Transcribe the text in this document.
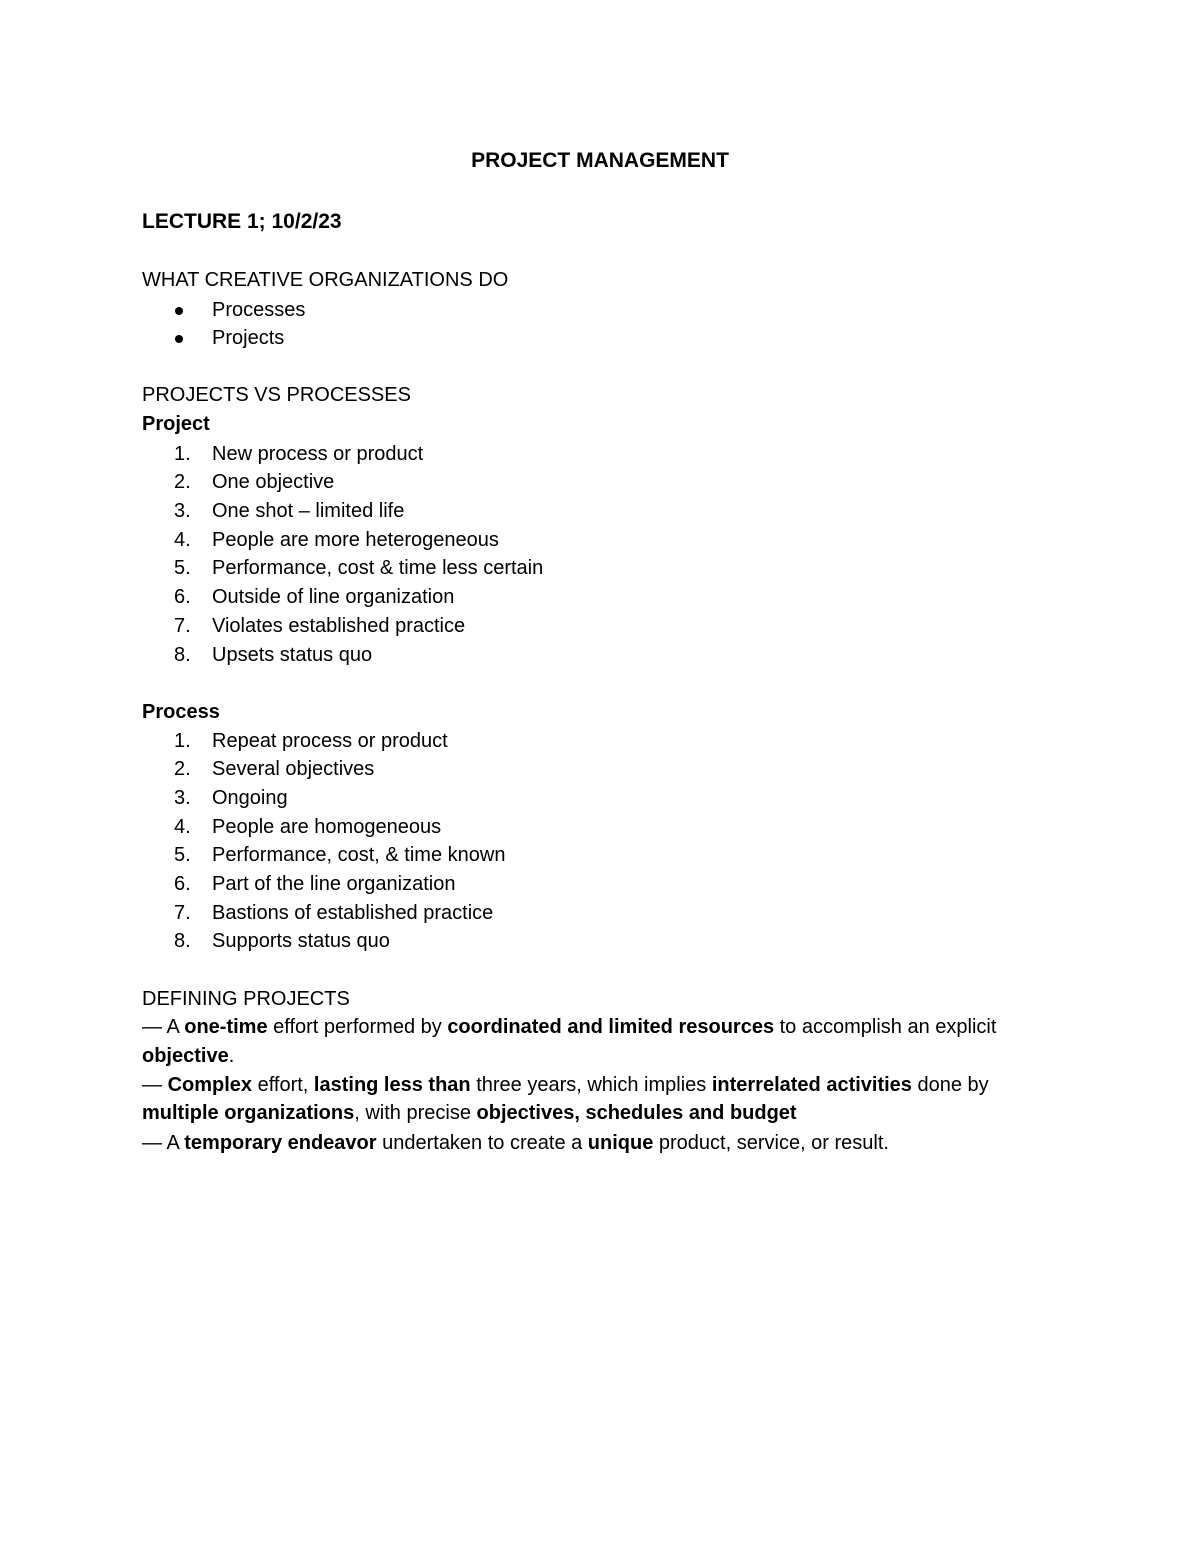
PROJECT MANAGEMENT
LECTURE 1; 10/2/23
WHAT CREATIVE ORGANIZATIONS DO
Processes
Projects
PROJECTS VS PROCESSES
Project
1.	New process or product
2.	One objective
3.	One shot – limited life
4.	People are more heterogeneous
5.	Performance, cost & time less certain
6.	Outside of line organization
7.	Violates established practice
8.	Upsets status quo
Process
1.	Repeat process or product
2.	Several objectives
3.	Ongoing
4.	People are homogeneous
5.	Performance, cost, & time known
6.	Part of the line organization
7.	Bastions of established practice
8.	Supports status quo
DEFINING PROJECTS
— A one-time effort performed by coordinated and limited resources to accomplish an explicit
objective.
— Complex effort, lasting less than three years, which implies interrelated activities done by
multiple organizations, with precise objectives, schedules and budget
— A temporary endeavor undertaken to create a unique product, service, or result.
